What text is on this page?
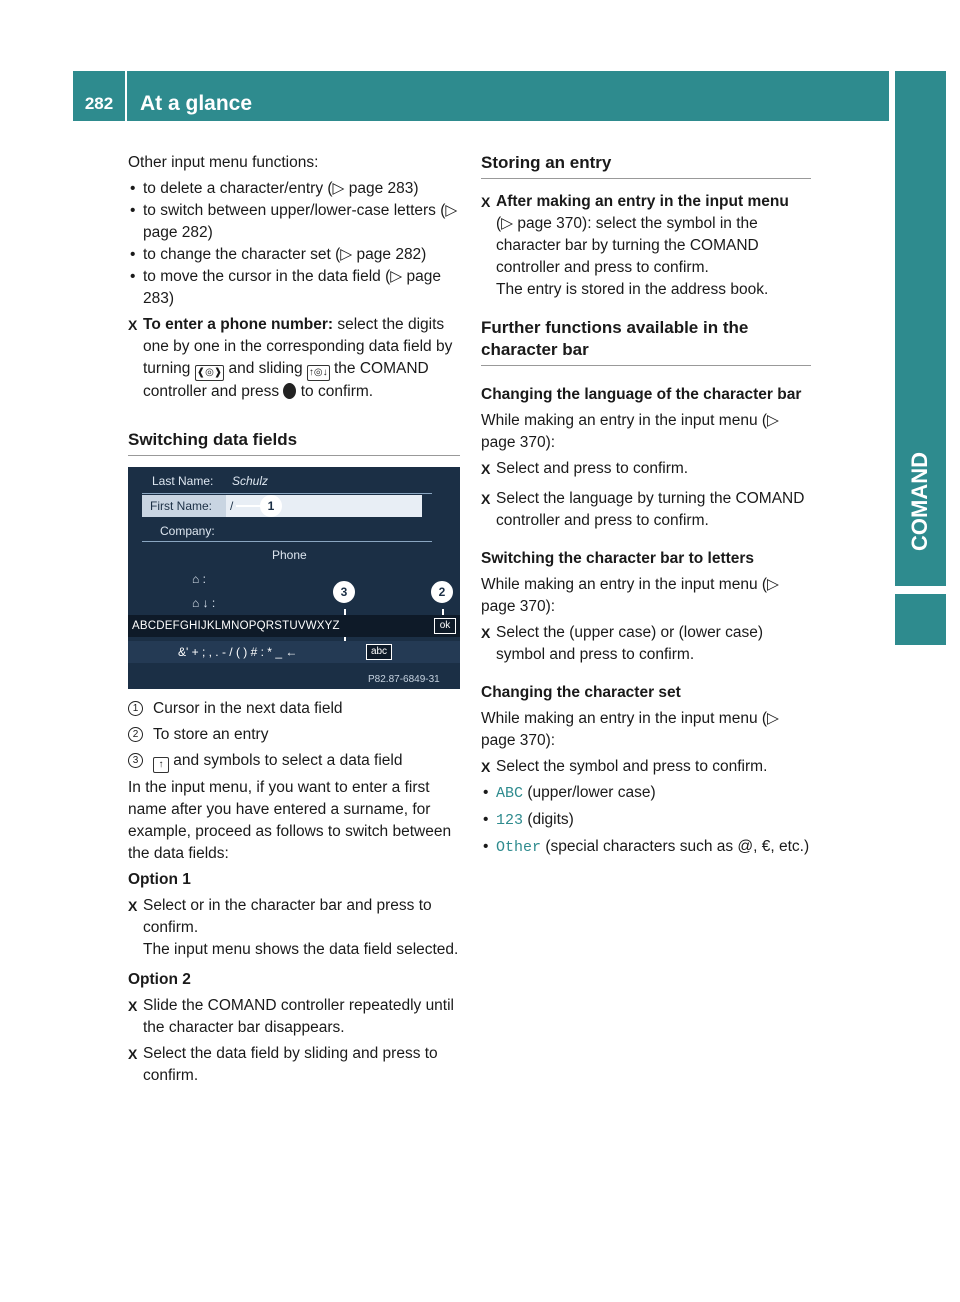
282	At a glance
COMAND

Other input menu functions:

• to delete a character/entry (▷ page 283)

• to switch between upper/lower-case letters (▷ page 282)

• to change the character set (▷ page 282)

• to move the cursor in the data field (▷ page 283)

X To enter a phone number: select the digits one by one in the corresponding data field by turning ❰◎❱ and sliding ↑◎↓ the COMAND controller and press  to confirm.

Switching data fields
Last Name: Schulz
First Name: /	1
Company:
Phone
⌂ :
⌂ ↓ :
3	2
ABCDEFGHIJKLMNOPQRSTUVWXYZ	ok
&' + ; , . - / ( ) # : * _ ←	abc
P82.87-6849-31

1 Cursor in the next data field

2 To store an entry

3	↑ and symbols to select a data field

In the input menu, if you want to enter a first name after you have entered a surname, for example, proceed as follows to switch between the data fields:

Option 1

X Select or in the character bar and press to confirm.

The input menu shows the data field selected.

Option 2

X Slide the COMAND controller repeatedly until the character bar disappears.

X Select the data field by sliding and press to confirm.

Storing an entry

X After making an entry in the input menu
(▷ page 370): select the symbol in the character bar by turning the COMAND controller and press to confirm.

The entry is stored in the address book.

Further functions available in the character bar

Changing the language of the character bar

While making an entry in the input menu (▷ page 370):

X Select and press to confirm.

X Select the language by turning the COMAND controller and press to confirm.

Switching the character bar to letters

While making an entry in the input menu (▷ page 370):

X Select the (upper case) or (lower case) symbol and press to confirm.

Changing the character set

While making an entry in the input menu (▷ page 370):

X Select the symbol and press to confirm.

• ABC (upper/lower case)

• 123 (digits)

• Other (special characters such as @, €, etc.)
